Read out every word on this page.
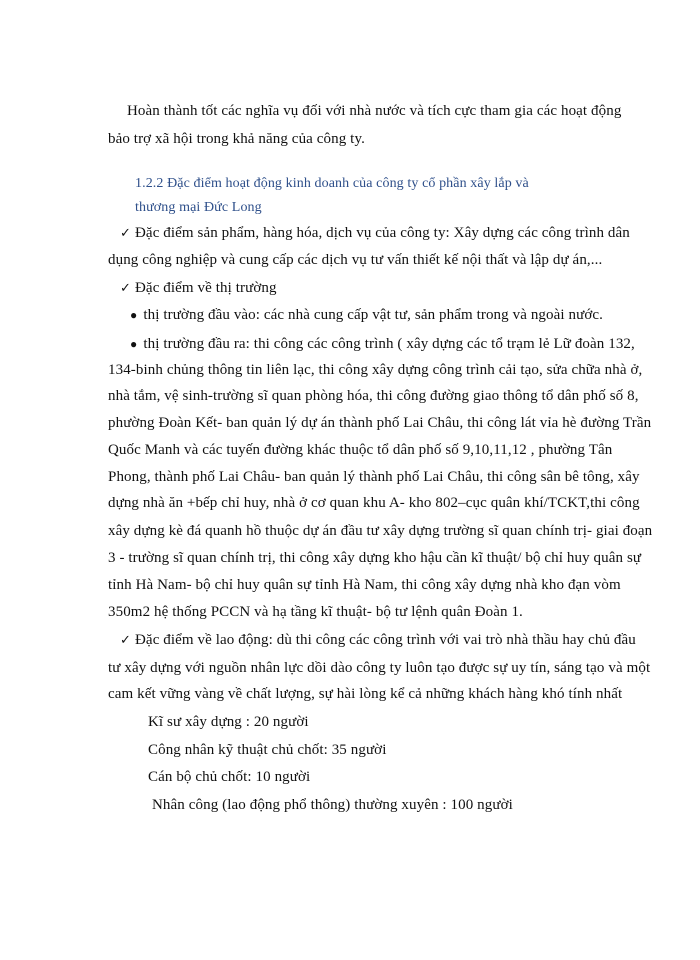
Hoàn thành tốt các nghĩa vụ đối với nhà nước và tích cực tham gia các hoạt động
bảo trợ xã hội trong khả năng của công ty.
1.2.2 Đặc điểm hoạt động kinh doanh của công ty cổ phần xây lắp và
thương mại Đức Long
✓ Đặc điểm sản phẩm, hàng hóa, dịch vụ của công ty: Xây dựng các công trình dân
dụng công nghiệp và cung cấp các dịch vụ tư vấn thiết kế nội thất và lập dự án,...
✓ Đặc điểm về thị trường
● thị trường đầu vào: các nhà cung cấp vật tư, sản phẩm trong và ngoài nước.
● thị trường đầu ra: thi công các công trình ( xây dựng các tổ trạm lẻ Lữ đoàn 132,
134-binh chủng thông tin liên lạc, thi công xây dựng công trình cải tạo, sửa chữa nhà ở,
nhà tắm, vệ sinh-trường sĩ quan phòng hóa, thi công đường giao thông tổ dân phố số 8,
phường Đoàn Kết- ban quản lý dự án thành phố Lai Châu, thi công lát vỉa hè đường Trần
Quốc Manh và các tuyến đường khác thuộc tổ dân phố số 9,10,11,12 , phường Tân
Phong, thành phố Lai Châu- ban quản lý thành phố Lai Châu, thi công sân bê tông, xây
dựng nhà ăn +bếp chỉ huy, nhà ở cơ quan khu A- kho 802–cục quân khí/TCKT,thi công
xây dựng kè đá quanh hồ thuộc dự án đầu tư xây dựng trường sĩ quan chính trị- giai đoạn
3 - trường sĩ quan chính trị, thi công xây dựng kho hậu cần kĩ thuật/ bộ chỉ huy quân sự
tỉnh Hà Nam- bộ chỉ huy quân sự tỉnh Hà Nam, thi công xây dựng nhà kho đạn vòm
350m2 hệ thống PCCN và hạ tầng kĩ thuật- bộ tư lệnh quân Đoàn 1.
✓ Đặc điểm về lao động: dù thi công các công trình với vai trò nhà thầu hay chủ đầu
tư xây dựng với nguồn nhân lực dồi dào công ty luôn tạo được sự uy tín, sáng tạo và một
cam kết vững vàng về chất lượng, sự hài lòng kể cả những khách hàng khó tính nhất
Kĩ sư xây dựng : 20 người
Công nhân kỹ thuật chủ chốt: 35 người
Cán bộ chủ chốt: 10 người
Nhân công (lao động phổ thông) thường xuyên : 100 người
